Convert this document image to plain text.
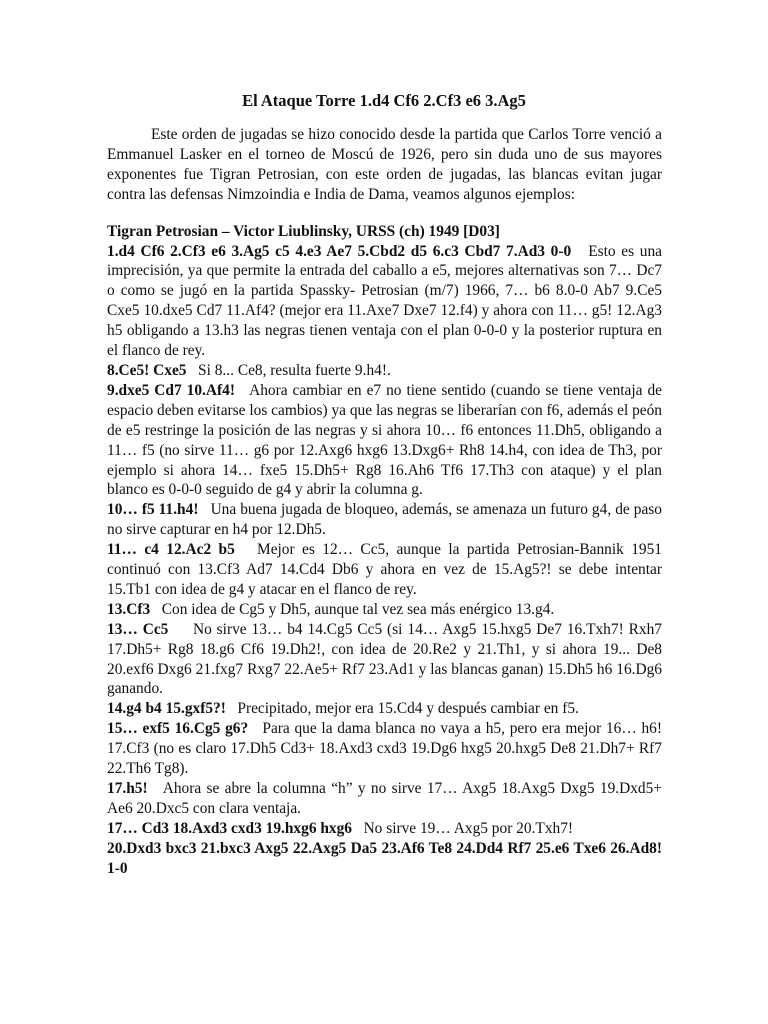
El Ataque Torre 1.d4 Cf6 2.Cf3 e6 3.Ag5

Este orden de jugadas se hizo conocido desde la partida que Carlos Torre venció a Emmanuel Lasker en el torneo de Moscú de 1926, pero sin duda uno de sus mayores exponentes fue Tigran Petrosian, con este orden de jugadas, las blancas evitan jugar contra las defensas Nimzoindia e India de Dama, veamos algunos ejemplos:

Tigran Petrosian – Victor Liublinsky, URSS (ch) 1949 [D03]

1.d4 Cf6 2.Cf3 e6 3.Ag5 c5 4.e3 Ae7 5.Cbd2 d5 6.c3 Cbd7 7.Ad3 0-0 Esto es una imprecisión, ya que permite la entrada del caballo a e5, mejores alternativas son 7… Dc7 o como se jugó en la partida Spassky- Petrosian (m/7) 1966, 7… b6 8.0-0 Ab7 9.Ce5 Cxe5 10.dxe5 Cd7 11.Af4? (mejor era 11.Axe7 Dxe7 12.f4) y ahora con 11… g5! 12.Ag3 h5 obligando a 13.h3 las negras tienen ventaja con el plan 0-0-0 y la posterior ruptura en el flanco de rey.

8.Ce5! Cxe5 Si 8... Ce8, resulta fuerte 9.h4!.

9.dxe5 Cd7 10.Af4! Ahora cambiar en e7 no tiene sentido (cuando se tiene ventaja de espacio deben evitarse los cambios) ya que las negras se liberarían con f6, además el peón de e5 restringe la posición de las negras y si ahora 10… f6 entonces 11.Dh5, obligando a 11… f5 (no sirve 11… g6 por 12.Axg6 hxg6 13.Dxg6+ Rh8 14.h4, con idea de Th3, por ejemplo si ahora 14… fxe5 15.Dh5+ Rg8 16.Ah6 Tf6 17.Th3 con ataque) y el plan blanco es 0-0-0 seguido de g4 y abrir la columna g.

10… f5 11.h4! Una buena jugada de bloqueo, además, se amenaza un futuro g4, de paso no sirve capturar en h4 por 12.Dh5.

11… c4 12.Ac2 b5 Mejor es 12… Cc5, aunque la partida Petrosian-Bannik 1951 continuó con 13.Cf3 Ad7 14.Cd4 Db6 y ahora en vez de 15.Ag5?! se debe intentar 15.Tb1 con idea de g4 y atacar en el flanco de rey.

13.Cf3 Con idea de Cg5 y Dh5, aunque tal vez sea más enérgico 13.g4.

13… Cc5 No sirve 13… b4 14.Cg5 Cc5 (si 14… Axg5 15.hxg5 De7 16.Txh7! Rxh7 17.Dh5+ Rg8 18.g6 Cf6 19.Dh2!, con idea de 20.Re2 y 21.Th1, y si ahora 19... De8 20.exf6 Dxg6 21.fxg7 Rxg7 22.Ae5+ Rf7 23.Ad1 y las blancas ganan) 15.Dh5 h6 16.Dg6 ganando.

14.g4 b4 15.gxf5?! Precipitado, mejor era 15.Cd4 y después cambiar en f5.

15… exf5 16.Cg5 g6? Para que la dama blanca no vaya a h5, pero era mejor 16… h6! 17.Cf3 (no es claro 17.Dh5 Cd3+ 18.Axd3 cxd3 19.Dg6 hxg5 20.hxg5 De8 21.Dh7+ Rf7 22.Th6 Tg8).

17.h5! Ahora se abre la columna “h” y no sirve 17… Axg5 18.Axg5 Dxg5 19.Dxd5+ Ae6 20.Dxc5 con clara ventaja.

17… Cd3 18.Axd3 cxd3 19.hxg6 hxg6 No sirve 19… Axg5 por 20.Txh7!

20.Dxd3 bxc3 21.bxc3 Axg5 22.Axg5 Da5 23.Af6 Te8 24.Dd4 Rf7 25.e6 Txe6 26.Ad8! 1-0
